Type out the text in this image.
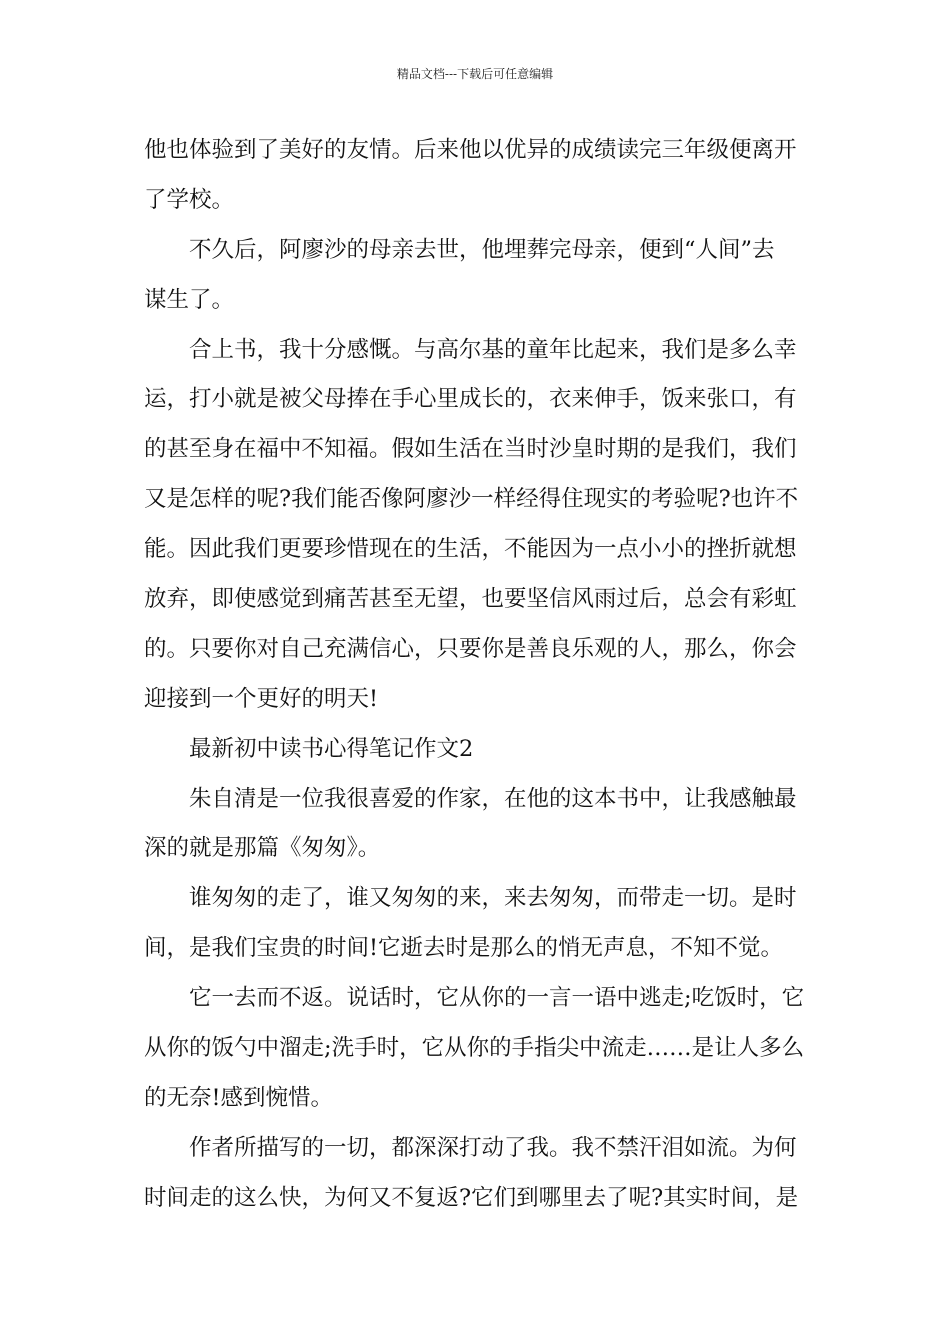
精品文档---下载后可任意编辑
他也体验到了美好的友情。后来他以优异的成绩读完三年级便离开
了学校。
不久后，阿廖沙的母亲去世，他埋葬完母亲，便到“人间”去
谋生了。
合上书，我十分感慨。与高尔基的童年比起来，我们是多么幸
运，打小就是被父母捧在手心里成长的，衣来伸手，饭来张口，有
的甚至身在福中不知福。假如生活在当时沙皇时期的是我们，我们
又是怎样的呢?我们能否像阿廖沙一样经得住现实的考验呢?也许不
能。因此我们更要珍惜现在的生活，不能因为一点小小的挫折就想
放弃，即使感觉到痛苦甚至无望，也要坚信风雨过后，总会有彩虹
的。只要你对自己充满信心，只要你是善良乐观的人，那么，你会
迎接到一个更好的明天!
最新初中读书心得笔记作文2
朱自清是一位我很喜爱的作家，在他的这本书中，让我感触最
深的就是那篇《匆匆》。
谁匆匆的走了，谁又匆匆的来，来去匆匆，而带走一切。是时
间，是我们宝贵的时间!它逝去时是那么的悄无声息，不知不觉。
它一去而不返。说话时，它从你的一言一语中逃走;吃饭时，它
从你的饭勺中溜走;洗手时，它从你的手指尖中流走……是让人多么
的无奈!感到惋惜。
作者所描写的一切，都深深打动了我。我不禁汗泪如流。为何
时间走的这么快，为何又不复返?它们到哪里去了呢?其实时间，是
